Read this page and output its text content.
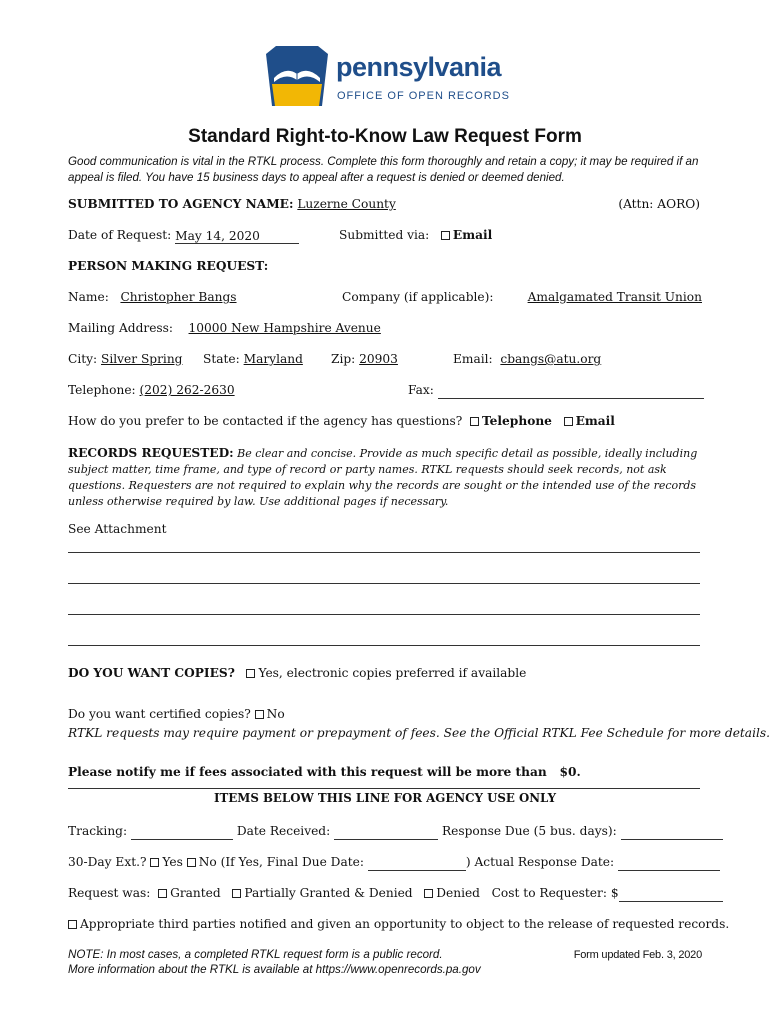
pennsylvania
OFFICE OF OPEN RECORDS
Standard Right-to-Know Law Request Form
Good communication is vital in the RTKL process. Complete this form thoroughly and retain a copy; it may be required if an appeal is filed. You have 15 business days to appeal after a request is denied or deemed denied.
SUBMITTED TO AGENCY NAME: Luzerne County	(Attn: AORO)
Date of Request: May 14, 2020	Submitted via: Email
PERSON MAKING REQUEST:
Name: Christopher Bangs	Company (if applicable):	Amalgamated Transit Union
Mailing Address: 10000 New Hampshire Avenue
City: Silver Spring State: Maryland Zip: 20903	Email: cbangs@atu.org
Telephone: (202) 262-2630	Fax:
How do you prefer to be contacted if the agency has questions? Telephone Email
RECORDS REQUESTED: Be clear and concise. Provide as much specific detail as possible, ideally including subject matter, time frame, and type of record or party names. RTKL requests should seek records, not ask questions. Requesters are not required to explain why the records are sought or the intended use of the records unless otherwise required by law. Use additional pages if necessary.
See Attachment
DO YOU WANT COPIES? Yes, electronic copies preferred if available
Do you want certified copies? No
RTKL requests may require payment or prepayment of fees. See the Official RTKL Fee Schedule for more details.
Please notify me if fees associated with this request will be more than $0.
ITEMS BELOW THIS LINE FOR AGENCY USE ONLY
Tracking:	Date Received:	Response Due (5 bus. days):
30-Day Ext.? Yes No (If Yes, Final Due Date:	) Actual Response Date:
Request was: Granted Partially Granted & Denied Denied Cost to Requester: $
Appropriate third parties notified and given an opportunity to object to the release of requested records.
NOTE: In most cases, a completed RTKL request form is a public record.
More information about the RTKL is available at https://www.openrecords.pa.gov
Form updated Feb. 3, 2020
